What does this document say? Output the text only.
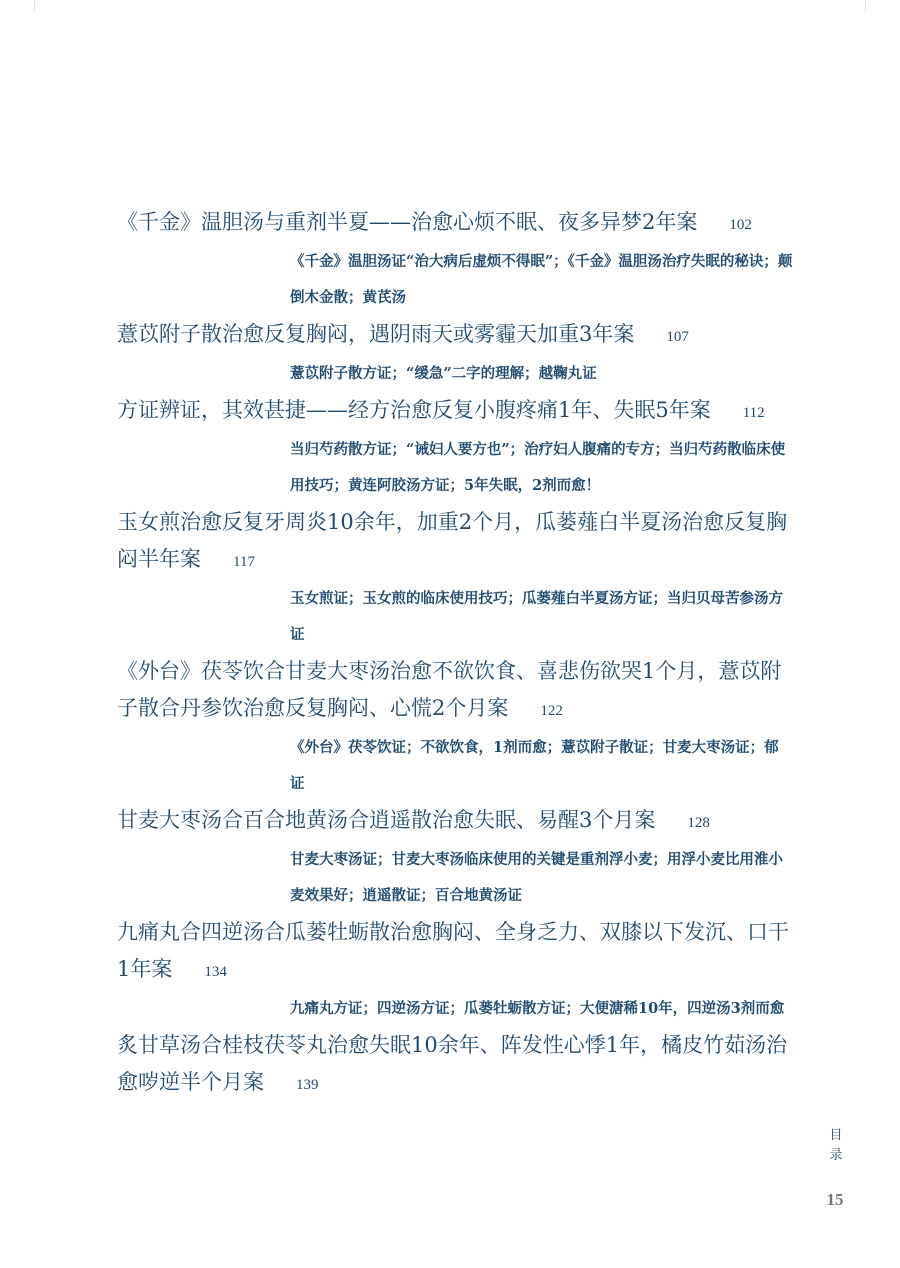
《千金》温胆汤与重剂半夏——治愈心烦不眠、夜多异梦2年案 102
《千金》温胆汤证“治大病后虚烦不得眠”；《千金》温胆汤治疗失眠的秘诀；颠倒木金散；黄芪汤
薏苡附子散治愈反复胸闷，遇阴雨天或雾霾天加重3年案 107
薏苡附子散方证；“缓急”二字的理解；越鞠丸证
方证辨证，其效甚捷——经方治愈反复小腹疼痛1年、失眠5年案 112
当归芍药散方证；“诫妇人要方也”；治疗妇人腹痛的专方；当归芍药散临床使用技巧；黄连阿胶汤方证；5年失眠，2剂而愈！
玉女煎治愈反复牙周炎10余年，加重2个月，瓜蒌薤白半夏汤治愈反复胸闷半年案 117
玉女煎证；玉女煎的临床使用技巧；瓜蒌薤白半夏汤方证；当归贝母苦参汤方证
《外台》茯苓饮合甘麦大枣汤治愈不欲饮食、喜悲伤欲哭1个月，薏苡附子散合丹参饮治愈反复胸闷、心慌2个月案 122
《外台》茯苓饮证；不欲饮食，1剂而愈；薏苡附子散证；甘麦大枣汤证；郁证
甘麦大枣汤合百合地黄汤合逍遥散治愈失眠、易醒3个月案 128
甘麦大枣汤证；甘麦大枣汤临床使用的关键是重剂浮小麦；用浮小麦比用淮小麦效果好；逍遥散证；百合地黄汤证
九痛丸合四逆汤合瓜蒌牡蛎散治愈胸闷、全身乏力、双膝以下发沉、口干1年案 134
九痛丸方证；四逆汤方证；瓜蒌牡蛎散方证；大便溏稀10年，四逆汤3剂而愈
炙甘草汤合桂枝茯苓丸治愈失眠10余年、阵发性心悸1年，橘皮竹茹汤治愈哕逆半个月案 139
目
录
15
